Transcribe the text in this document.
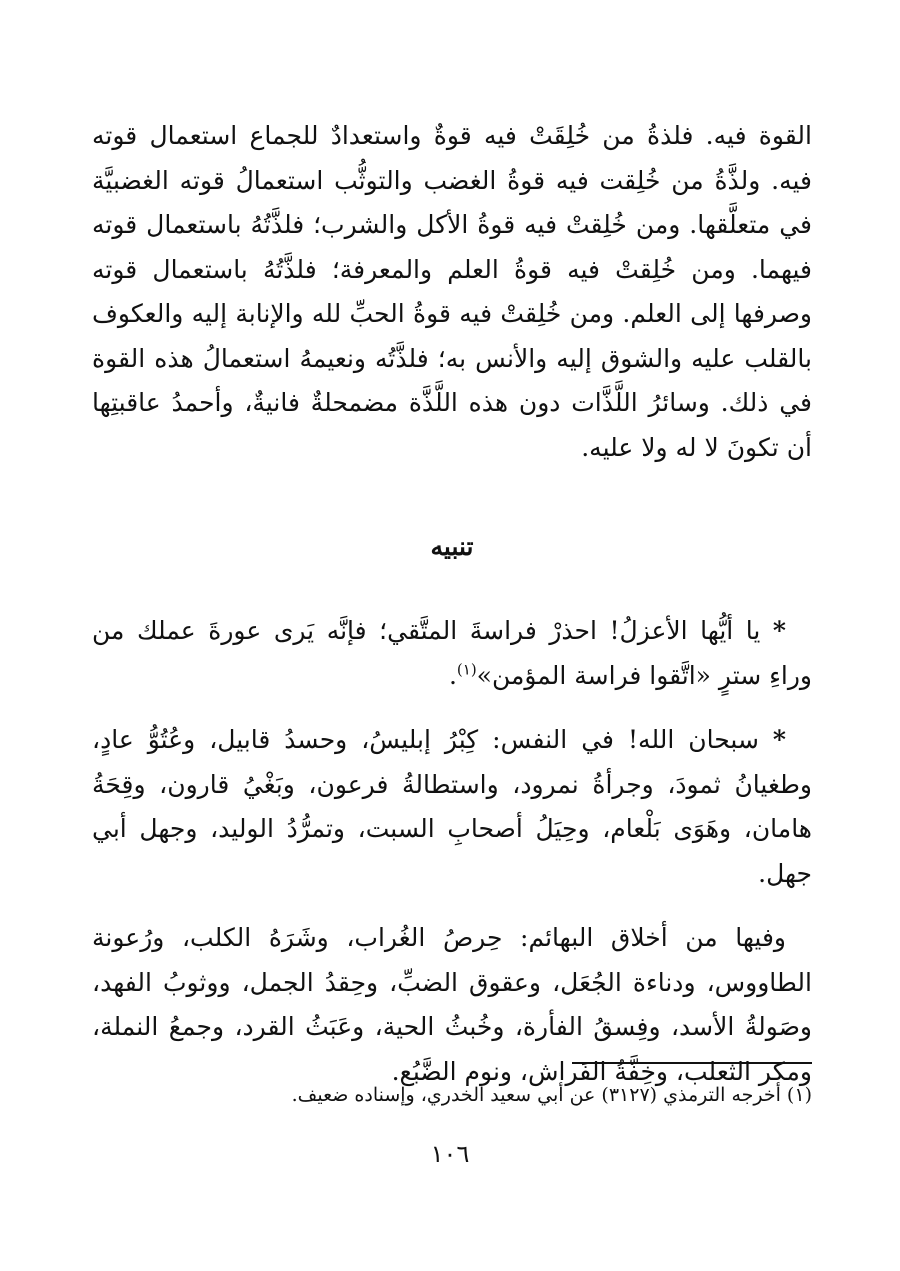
القوة فيه. فلذةُ من خُلِقَتْ فيه قوةٌ واستعدادٌ للجماع استعمال قوته فيه. ولذَّةُ من خُلِقت فيه قوةُ الغضب والتوثُّب استعمالُ قوته الغضبيَّة في متعلَّقها. ومن خُلِقتْ فيه قوةُ الأكل والشرب؛ فلذَّتُهُ باستعمال قوته فيهما. ومن خُلِقتْ فيه قوةُ العلم والمعرفة؛ فلذَّتُهُ باستعمال قوته وصرفها إلى العلم. ومن خُلِقتْ فيه قوةُ الحبِّ لله والإنابة إليه والعكوف بالقلب عليه والشوق إليه والأنس به؛ فلذَّتُه ونعيمهُ استعمالُ هذه القوة في ذلك. وسائرُ اللَّذَّات دون هذه اللَّذَّة مضمحلةٌ فانيةٌ، وأحمدُ عاقبتِها أن تكونَ لا له ولا عليه.

تنبيه

* يا أيُّها الأعزلُ! احذرْ فراسةَ المتَّقي؛ فإنَّه يَرى عورةَ عملك من وراءِ سترٍ «اتَّقوا فراسة المؤمن»$^{(١)}$.

* سبحان الله! في النفس: كِبْرُ إبليسُ، وحسدُ قابيل، وعُتُوُّ عادٍ، وطغيانُ ثمودَ، وجرأةُ نمرود، واستطالةُ فرعون، وبَغْيُ قارون، وقِحَةُ هامان، وهَوَى بَلْعام، وحِيَلُ أصحابِ السبت، وتمرُّدُ الوليد، وجهل أبي جهل.

وفيها من أخلاق البهائم: حِرصُ الغُراب، وشَرَهُ الكلب، ورُعونة الطاووس، ودناءة الجُعَل، وعقوق الضبِّ، وحِقدُ الجمل، ووثوبُ الفهد، وصَولةُ الأسد، وفِسقُ الفأرة، وخُبثُ الحية، وعَبَثُ القرد، وجمعُ النملة، ومكر الثعلب، وخِفَّةُ الفَراش، ونوم الضَّبُع.

(١) أخرجه الترمذي (٣١٢٧) عن أبي سعيد الخدري، وإسناده ضعيف.

١٠٦
